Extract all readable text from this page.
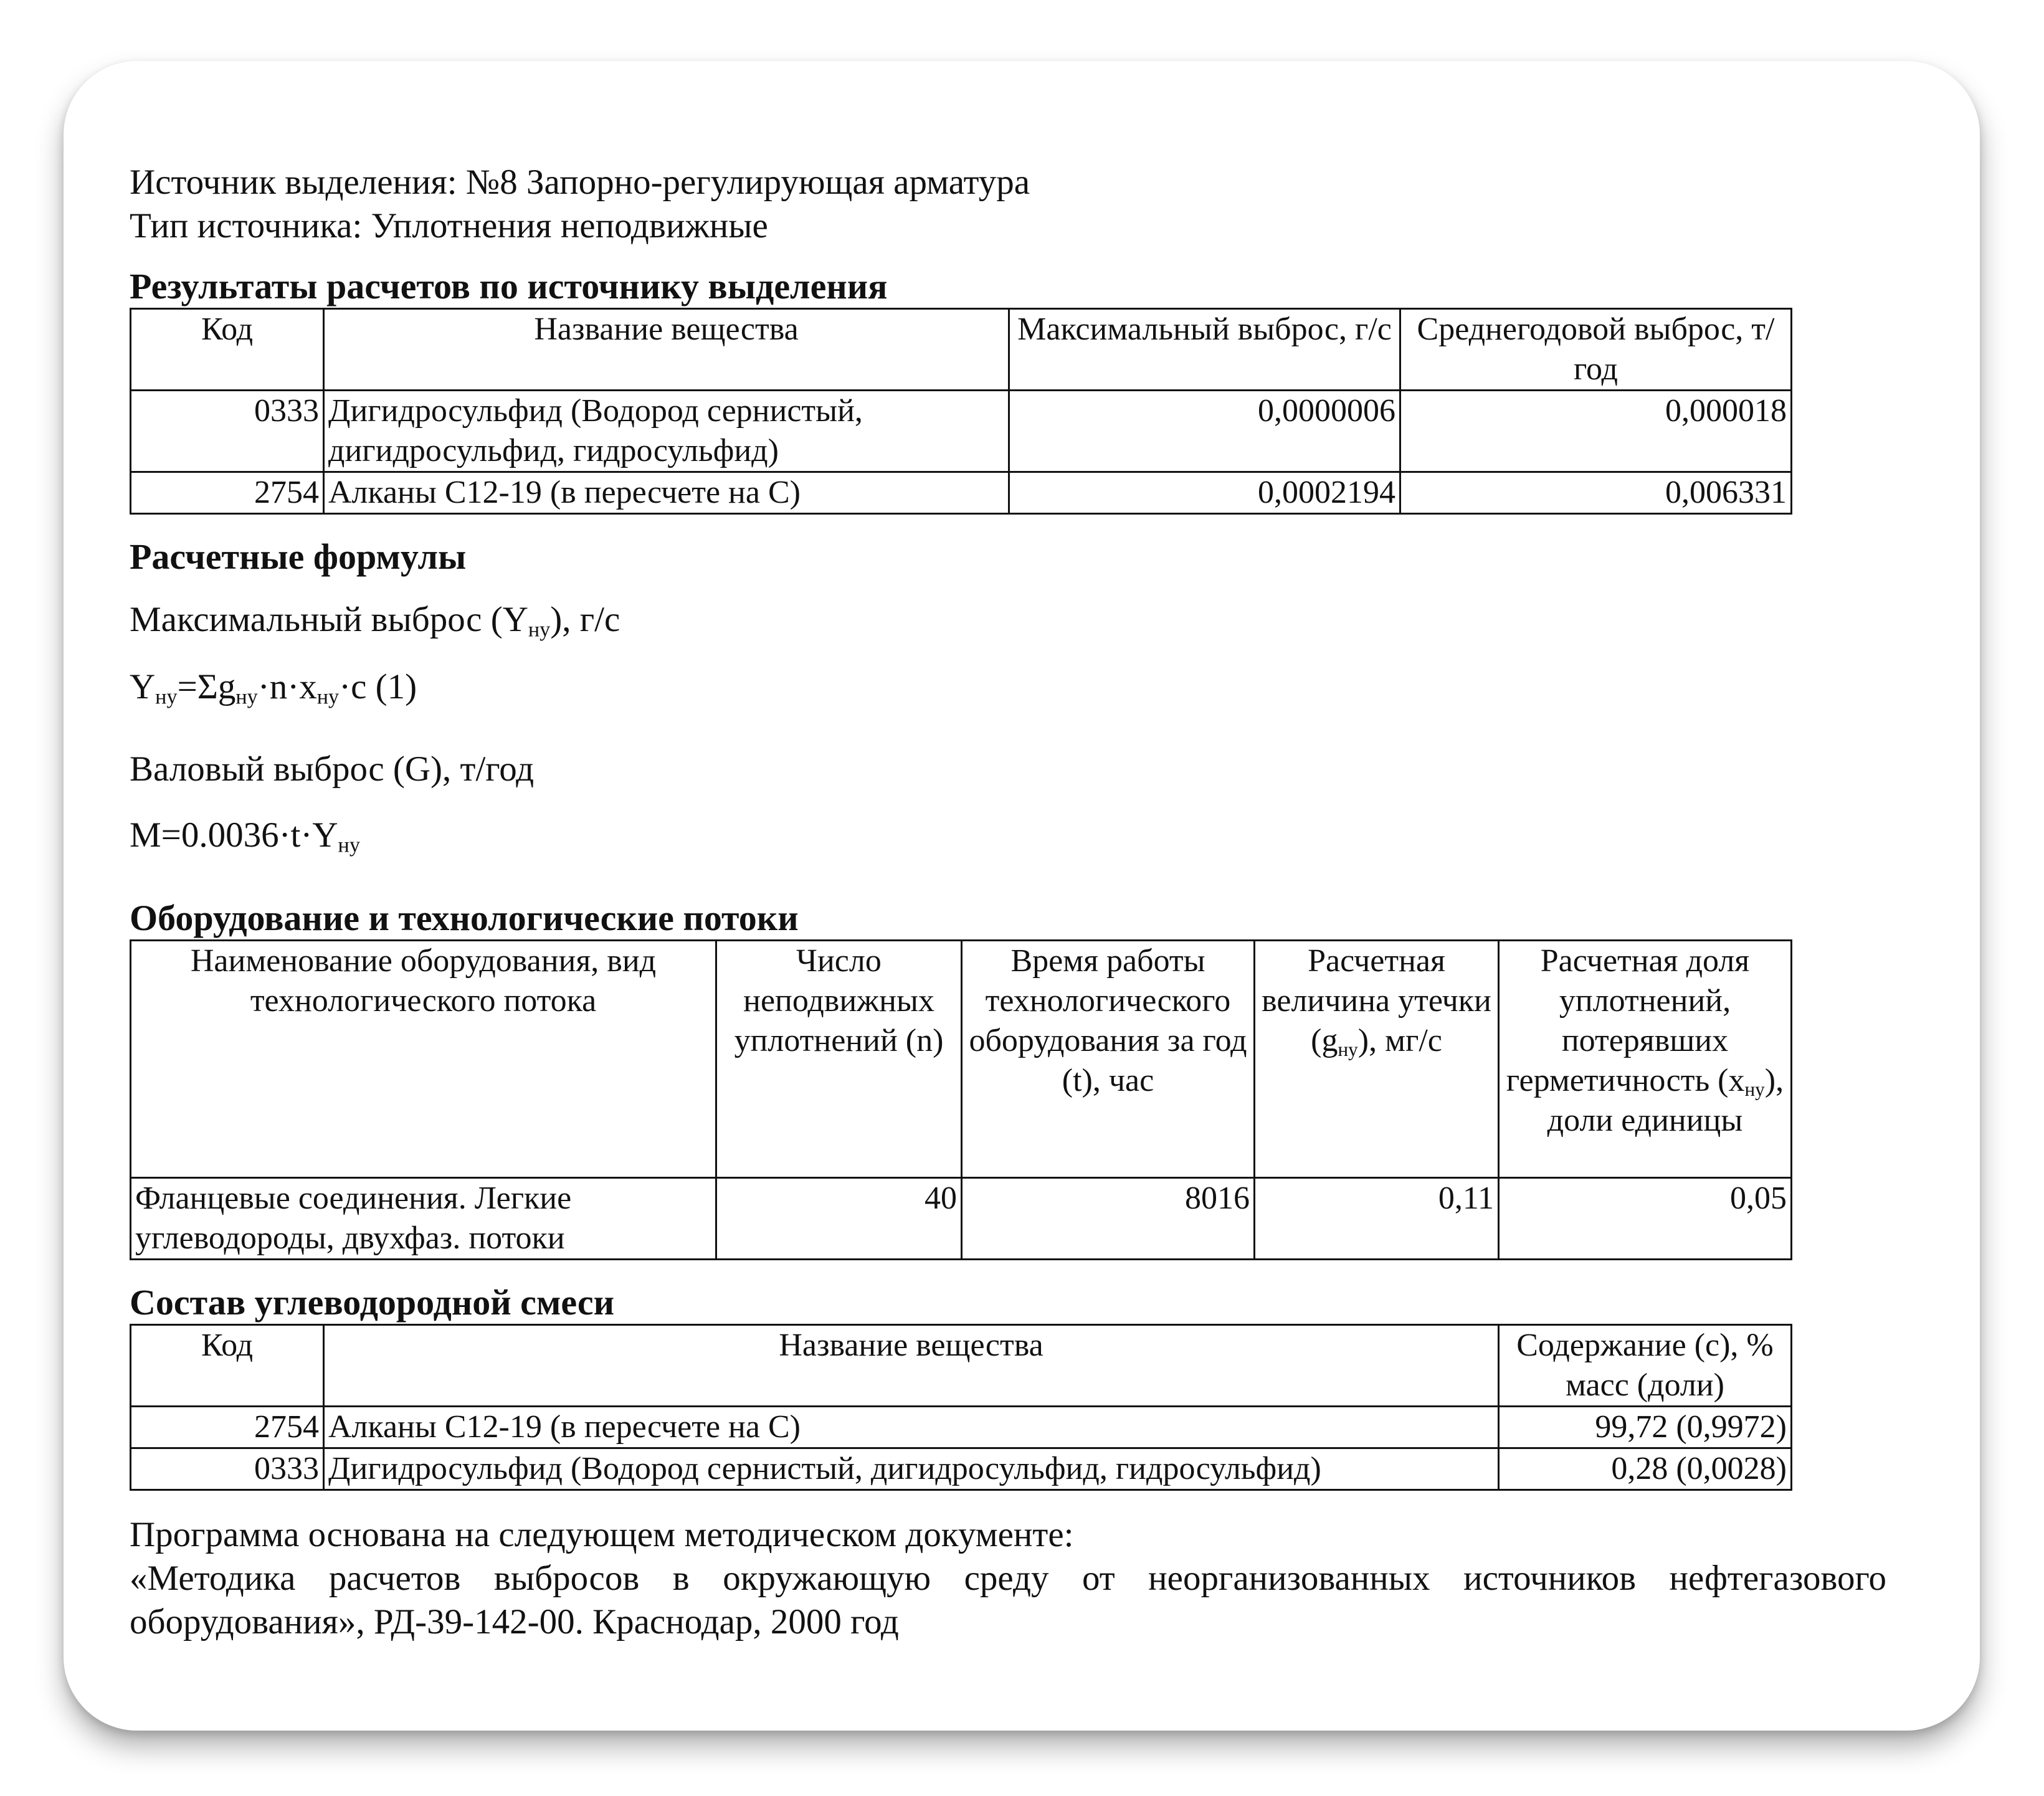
Источник выделения: №8 Запорно-регулирующая арматура

Тип источника: Уплотнения неподвижные

Результаты расчетов по источнику выделения

Код	Название вещества	Максимальный выброс, г/с	Среднегодовой выброс, т/год
0333	Дигидросульфид (Водород сернистый, дигидросульфид, гидросульфид)	0,0000006	0,000018
2754	Алканы С12-19 (в пересчете на С)	0,0002194	0,006331

Расчетные формулы

Максимальный выброс $(Y_{ну})$, г/с

$Y_{ну}=\Sigma g_{ну}\cdot n\cdot x_{ну}\cdot c$ (1)

Валовый выброс (G), т/год

$M=0.0036\cdot t\cdot Y_{ну}$

Оборудование и технологические потоки

Наименование оборудования, вид технологического потока	Число неподвижных уплотнений (n)	Время работы технологического оборудования за год (t), час	Расчетная величина утечки $(g_{ну})$, мг/с	Расчетная доля уплотнений, потерявших герметичность $(x_{ну})$, доли единицы
Фланцевые соединения. Легкие углеводороды, двухфаз. потоки	40	8016	0,11	0,05

Состав углеводородной смеси

Код	Название вещества	Содержание (с), % масс (доли)
2754	Алканы С12-19 (в пересчете на С)	99,72 (0,9972)
0333	Дигидросульфид (Водород сернистый, дигидросульфид, гидросульфид)	0,28 (0,0028)

Программа основана на следующем методическом документе:

«Методика расчетов выбросов в окружающую среду от неорганизованных источников нефтегазового оборудования», РД-39-142-00. Краснодар, 2000 год
